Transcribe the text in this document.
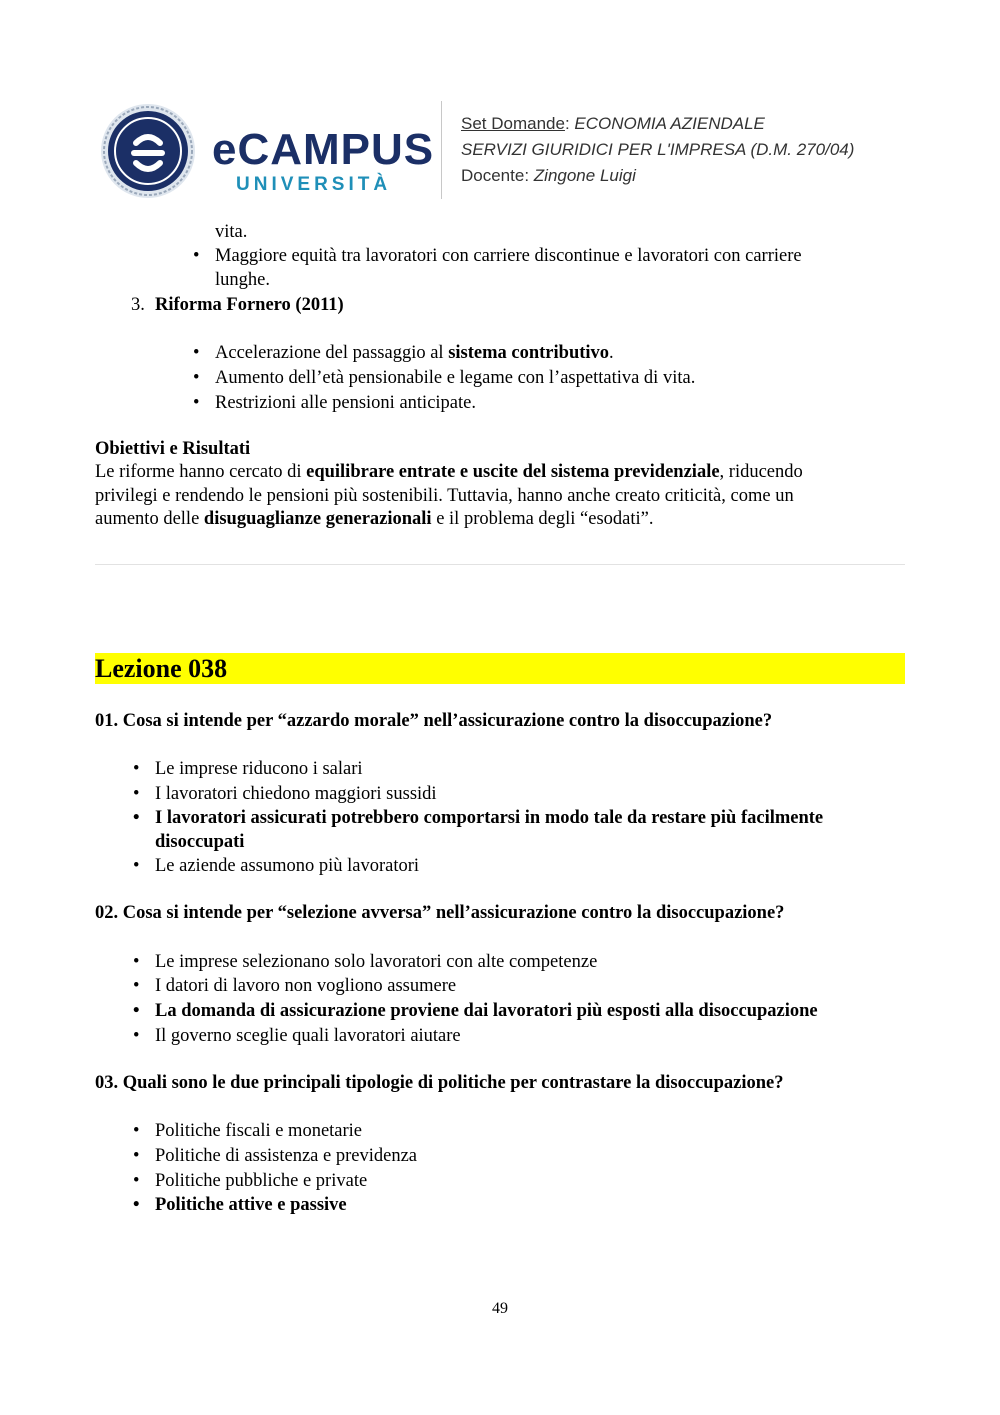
eCAMPUS
UNIVERSITÀ
Set Domande: ECONOMIA AZIENDALE
SERVIZI GIURIDICI PER L'IMPRESA (D.M. 270/04)
Docente: Zingone Luigi
vita.
• Maggiore equità tra lavoratori con carriere discontinue e lavoratori con carriere
lunghe.
3. Riforma Fornero (2011)
• Accelerazione del passaggio al sistema contributivo.
• Aumento dell’età pensionabile e legame con l’aspettativa di vita.
• Restrizioni alle pensioni anticipate.
Obiettivi e Risultati
Le riforme hanno cercato di equilibrare entrate e uscite del sistema previdenziale, riducendo
privilegi e rendendo le pensioni più sostenibili. Tuttavia, hanno anche creato criticità, come un
aumento delle disuguaglianze generazionali e il problema degli “esodati”.
Lezione 038
01. Cosa si intende per “azzardo morale” nell’assicurazione contro la disoccupazione?
• Le imprese riducono i salari
• I lavoratori chiedono maggiori sussidi
• I lavoratori assicurati potrebbero comportarsi in modo tale da restare più facilmente
disoccupati
• Le aziende assumono più lavoratori
02. Cosa si intende per “selezione avversa” nell’assicurazione contro la disoccupazione?
• Le imprese selezionano solo lavoratori con alte competenze
• I datori di lavoro non vogliono assumere
• La domanda di assicurazione proviene dai lavoratori più esposti alla disoccupazione
• Il governo sceglie quali lavoratori aiutare
03. Quali sono le due principali tipologie di politiche per contrastare la disoccupazione?
• Politiche fiscali e monetarie
• Politiche di assistenza e previdenza
• Politiche pubbliche e private
• Politiche attive e passive
49
